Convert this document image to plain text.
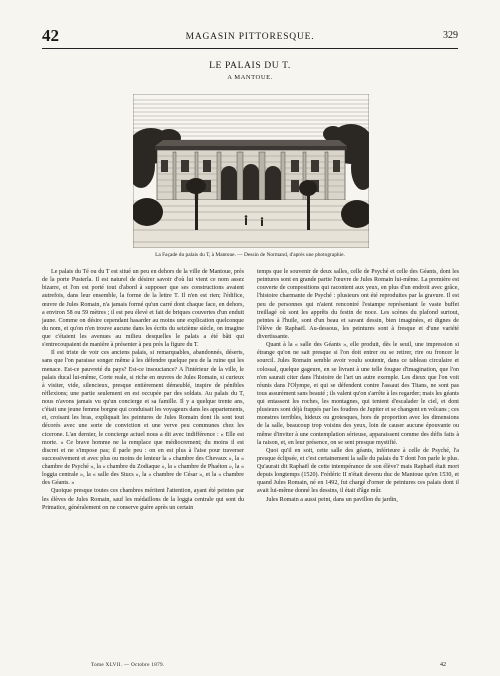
42	MAGASIN PITTORESQUE.	329
LE PALAIS DU T.
A MANTOUE.
La Façade du palais du T, à Mantoue. — Dessin de Normand, d'après une photographie.

Le palais du Té ou du T est situé un peu en dehors de la ville de Mantoue, près de la porte Pusterla. Il est naturel de désirer savoir d'où lui vient ce nom assez bizarre, et l'on est porté tout d'abord à supposer que ses constructions avaient autrefois, dans leur ensemble, la forme de la lettre T. Il n'en est rien; l'édifice, œuvre de Jules Romain, n'a jamais formé qu'un carré dont chaque face, en dehors, a environ 58 ou 59 mètres ; il est peu élevé et fait de briques couvertes d'un enduit jaune. Comme on désire cependant hasarder au moins une explication quelconque du nom, et qu'on n'en trouve aucune dans les écrits du seizième siècle, on imagine que c'étaient les avenues au milieu desquelles le palais a été bâti qui s'entrecoupaient de manière à présenter à peu près la figure du T.

Il est triste de voir ces anciens palais, si remarquables, abandonnés, déserts, sans que l'on paraisse songer même à les défendre quelque peu de la ruine qui les menace. Est-ce pauvreté du pays? Est-ce insouciance? A l'intérieur de la ville, le palais ducal lui-même, Corte reale, si riche en œuvres de Jules Romain, si curieux à visiter, vide, silencieux, presque entièrement démeublé, inspire de pénibles réflexions; une partie seulement en est occupée par des soldats. Au palais du T, nous n'avons jamais vu qu'un concierge et sa famille. Il y a quelque trente ans, c'était une jeune femme borgne qui conduisait les voyageurs dans les appartements, et, croisant les bras, expliquait les peintures de Jules Romain dont ils sont tout décorés avec une sorte de conviction et une verve peu communes chez les cicerone. L'an dernier, le concierge actuel nous a dit avec indifférence : « Elle est morte. » Ce brave homme ne la remplace que médiocrement; du moins il est discret et ne s'impose pas; il parle peu : on en est plus à l'aise pour traverser successivement et avec plus ou moins de lenteur la « chambre des Chevaux », la « chambre de Psyché », la « chambre du Zodiaque », la « chambre de Phaéton », la « loggia centrale », la « salle des Stucs », la « chambre de César », et la « chambre des Géants. »

Quoique presque toutes ces chambres méritent l'attention, ayant été peintes par les élèves de Jules Romain, sauf les médaillons de la loggia centrale qui sont du Primatice, généralement on ne conserve guère après un certain

temps que le souvenir de deux salles, celle de Psyché et celle des Géants, dont les peintures sont en grande partie l'œuvre de Jules Romain lui-même. La première est couverte de compositions qui racontent aux yeux, en plus d'un endroit avec grâce, l'histoire charmante de Psyché : plusieurs ont été reproduites par la gravure. Il est peu de personnes qui n'aient rencontré l'estampe représentant le vaste buffet treillagé où sont les apprêts du festin de noce. Les scènes du plafond surtout, peintes à l'huile, sont d'un beau et savant dessin, bien imaginées, et dignes de l'élève de Raphaël. Au-dessous, les peintures sont à fresque et d'une variété divertissante.

Quant à la « salle des Géants », elle produit, dès le seuil, une impression si étrange qu'on ne sait presque si l'on doit entrer ou se retirer, rire ou froncer le sourcil. Jules Romain semble avoir voulu soutenir, dans ce tableau circulaire et colossal, quelque gageure, en se livrant à une telle fougue d'imagination, que l'on n'en saurait citer dans l'histoire de l'art un autre exemple. Les dieux que l'on voit réunis dans l'Olympe, et qui se défendent contre l'assaut des Titans, ne sont pas tous assurément sans beauté ; ils valent qu'on s'arrête à les regarder; mais les géants qui entassent les roches, les montagnes, qui tentent d'escalader le ciel, et dont plusieurs sont déjà frappés par les foudres de Jupiter et se changent en volcans ; ces monstres terribles, hideux ou grotesques, hors de proportion avec les dimensions de la salle, beaucoup trop voisins des yeux, loin de causer aucune épouvante ou même d'inviter à une contemplation sérieuse, apparaissent comme des défis faits à la raison, et, en leur présence, on se sent presque mystifié.

Quoi qu'il en soit, cette salle des géants, inférieure à celle de Psyché, l'a presque éclipsée, et c'est certainement la salle du palais du T dont l'on parle le plus. Qu'aurait dit Raphaël de cette intempérance de son élève? mais Raphaël était mort depuis longtemps (1520). Frédéric II n'était devenu duc de Mantoue qu'en 1530, et quand Jules Romain, né en 1492, fut chargé d'orner de peintures ces palais dont il avait lui-même donné les dessins, il était d'âge mûr.

Jules Romain a aussi peint, dans un pavillon du jardin,

Tome XLVII. — Octobre 1879.	42
